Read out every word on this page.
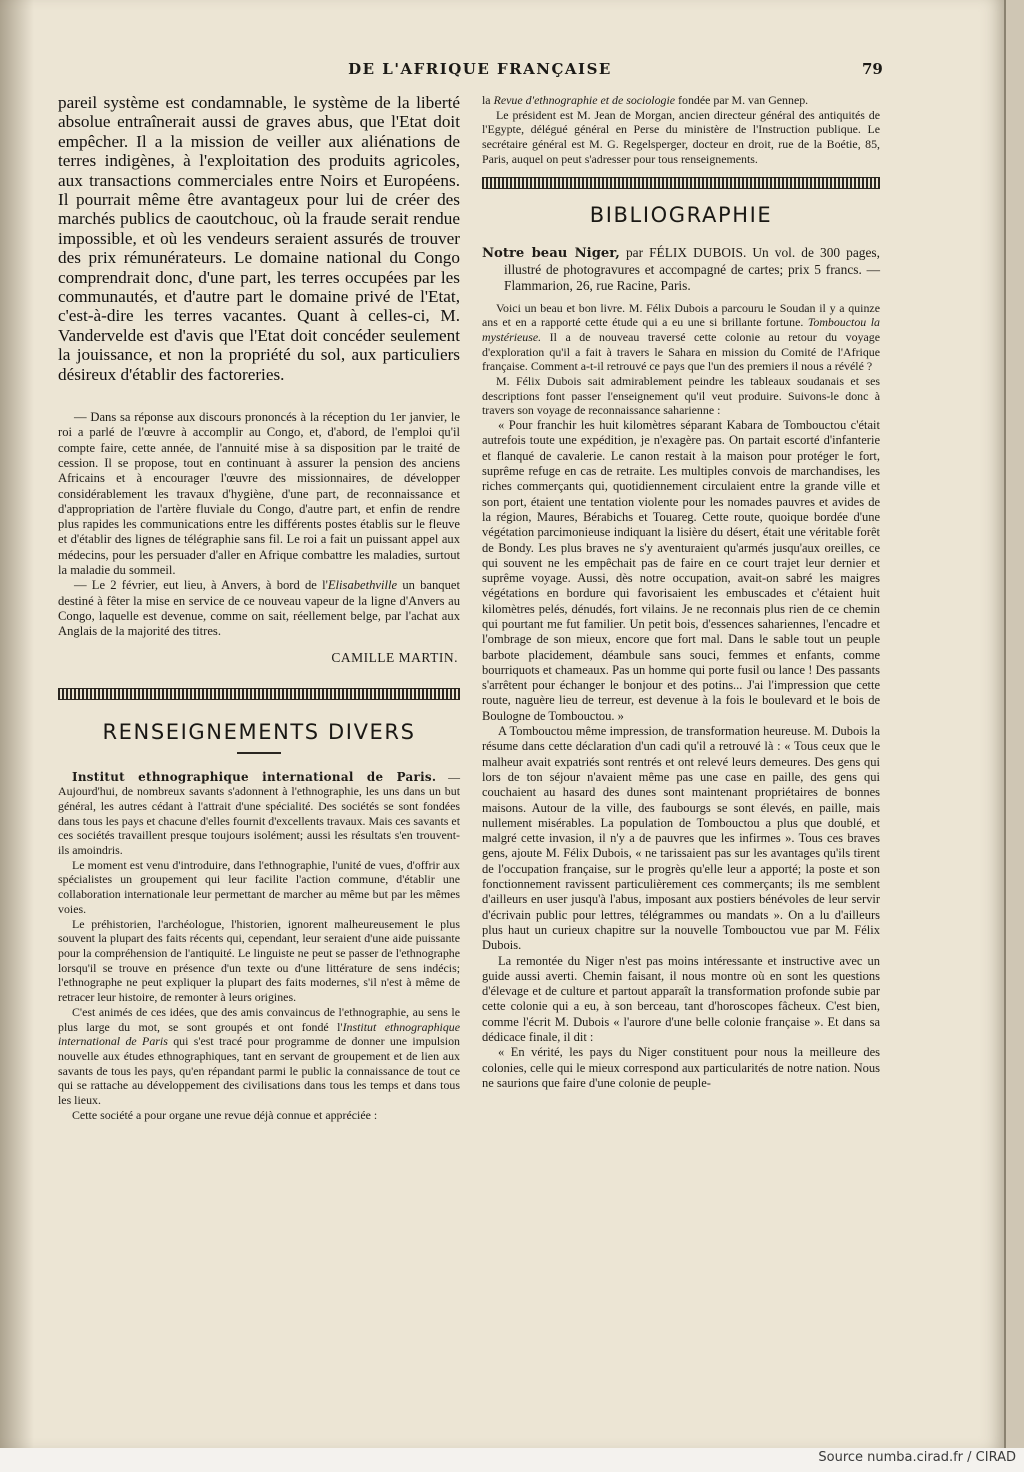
DE L'AFRIQUE FRANÇAISE	79

pareil système est condamnable, le système de la liberté absolue entraînerait aussi de graves abus, que l'Etat doit empêcher. Il a la mission de veiller aux aliénations de terres indigènes, à l'exploitation des produits agricoles, aux transactions commerciales entre Noirs et Européens. Il pourrait même être avantageux pour lui de créer des marchés publics de caoutchouc, où la fraude serait rendue impossible, et où les vendeurs seraient assurés de trouver des prix rémunérateurs. Le domaine national du Congo comprendrait donc, d'une part, les terres occupées par les communautés, et d'autre part le domaine privé de l'Etat, c'est-à-dire les terres vacantes. Quant à celles-ci, M. Vandervelde est d'avis que l'Etat doit concéder seulement la jouissance, et non la propriété du sol, aux particuliers désireux d'établir des factoreries.

— Dans sa réponse aux discours prononcés à la réception du 1er janvier, le roi a parlé de l'œuvre à accomplir au Congo, et, d'abord, de l'emploi qu'il compte faire, cette année, de l'annuité mise à sa disposition par le traité de cession. Il se propose, tout en continuant à assurer la pension des anciens Africains et à encourager l'œuvre des missionnaires, de développer considérablement les travaux d'hygiène, d'une part, de reconnaissance et d'appropriation de l'artère fluviale du Congo, d'autre part, et enfin de rendre plus rapides les communications entre les différents postes établis sur le fleuve et d'établir des lignes de télégraphie sans fil. Le roi a fait un puissant appel aux médecins, pour les persuader d'aller en Afrique combattre les maladies, surtout la maladie du sommeil.

— Le 2 février, eut lieu, à Anvers, à bord de l'Elisabethville un banquet destiné à fêter la mise en service de ce nouveau vapeur de la ligne d'Anvers au Congo, laquelle est devenue, comme on sait, réellement belge, par l'achat aux Anglais de la majorité des titres.

CAMILLE MARTIN.
RENSEIGNEMENTS DIVERS

Institut ethnographique international de Paris. — Aujourd'hui, de nombreux savants s'adonnent à l'ethnographie, les uns dans un but général, les autres cédant à l'attrait d'une spécialité. Des sociétés se sont fondées dans tous les pays et chacune d'elles fournit d'excellents travaux. Mais ces savants et ces sociétés travaillent presque toujours isolément; aussi les résultats s'en trouvent-ils amoindris.

Le moment est venu d'introduire, dans l'ethnographie, l'unité de vues, d'offrir aux spécialistes un groupement qui leur facilite l'action commune, d'établir une collaboration internationale leur permettant de marcher au même but par les mêmes voies.

Le préhistorien, l'archéologue, l'historien, ignorent malheureusement le plus souvent la plupart des faits récents qui, cependant, leur seraient d'une aide puissante pour la compréhension de l'antiquité. Le linguiste ne peut se passer de l'ethnographe lorsqu'il se trouve en présence d'un texte ou d'une littérature de sens indécis; l'ethnographe ne peut expliquer la plupart des faits modernes, s'il n'est à même de retracer leur histoire, de remonter à leurs origines.

C'est animés de ces idées, que des amis convaincus de l'ethnographie, au sens le plus large du mot, se sont groupés et ont fondé l'Institut ethnographique international de Paris qui s'est tracé pour programme de donner une impulsion nouvelle aux études ethnographiques, tant en servant de groupement et de lien aux savants de tous les pays, qu'en répandant parmi le public la connaissance de tout ce qui se rattache au développement des civilisations dans tous les temps et dans tous les lieux.

Cette société a pour organe une revue déjà connue et appréciée :

la Revue d'ethnographie et de sociologie fondée par M. van Gennep.

Le président est M. Jean de Morgan, ancien directeur général des antiquités de l'Egypte, délégué général en Perse du ministère de l'Instruction publique. Le secrétaire général est M. G. Regelsperger, docteur en droit, rue de la Boétie, 85, Paris, auquel on peut s'adresser pour tous renseignements.

BIBLIOGRAPHIE

Notre beau Niger, par FÉLIX DUBOIS. Un vol. de 300 pages, illustré de photogravures et accompagné de cartes; prix 5 francs. — Flammarion, 26, rue Racine, Paris.

Voici un beau et bon livre. M. Félix Dubois a parcouru le Soudan il y a quinze ans et en a rapporté cette étude qui a eu une si brillante fortune. Tombouctou la mystérieuse. Il a de nouveau traversé cette colonie au retour du voyage d'exploration qu'il a fait à travers le Sahara en mission du Comité de l'Afrique française. Comment a-t-il retrouvé ce pays que l'un des premiers il nous a révélé ?

M. Félix Dubois sait admirablement peindre les tableaux soudanais et ses descriptions font passer l'enseignement qu'il veut produire. Suivons-le donc à travers son voyage de reconnaissance saharienne :

« Pour franchir les huit kilomètres séparant Kabara de Tombouctou c'était autrefois toute une expédition, je n'exagère pas. On partait escorté d'infanterie et flanqué de cavalerie. Le canon restait à la maison pour protéger le fort, suprême refuge en cas de retraite. Les multiples convois de marchandises, les riches commerçants qui, quotidiennement circulaient entre la grande ville et son port, étaient une tentation violente pour les nomades pauvres et avides de la région, Maures, Bérabichs et Touareg. Cette route, quoique bordée d'une végétation parcimonieuse indiquant la lisière du désert, était une véritable forêt de Bondy. Les plus braves ne s'y aventuraient qu'armés jusqu'aux oreilles, ce qui souvent ne les empêchait pas de faire en ce court trajet leur dernier et suprême voyage. Aussi, dès notre occupation, avait-on sabré les maigres végétations en bordure qui favorisaient les embuscades et c'étaient huit kilomètres pelés, dénudés, fort vilains. Je ne reconnais plus rien de ce chemin qui pourtant me fut familier. Un petit bois, d'essences sahariennes, l'encadre et l'ombrage de son mieux, encore que fort mal. Dans le sable tout un peuple barbote placidement, déambule sans souci, femmes et enfants, comme bourriquots et chameaux. Pas un homme qui porte fusil ou lance ! Des passants s'arrêtent pour échanger le bonjour et des potins... J'ai l'impression que cette route, naguère lieu de terreur, est devenue à la fois le boulevard et le bois de Boulogne de Tombouctou. »

A Tombouctou même impression, de transformation heureuse. M. Dubois la résume dans cette déclaration d'un cadi qu'il a retrouvé là : « Tous ceux que le malheur avait expatriés sont rentrés et ont relevé leurs demeures. Des gens qui lors de ton séjour n'avaient même pas une case en paille, des gens qui couchaient au hasard des dunes sont maintenant propriétaires de bonnes maisons. Autour de la ville, des faubourgs se sont élevés, en paille, mais nullement misérables. La population de Tombouctou a plus que doublé, et malgré cette invasion, il n'y a de pauvres que les infirmes ». Tous ces braves gens, ajoute M. Félix Dubois, « ne tarissaient pas sur les avantages qu'ils tirent de l'occupation française, sur le progrès qu'elle leur a apporté; la poste et son fonctionnement ravissent particulièrement ces commerçants; ils me semblent d'ailleurs en user jusqu'à l'abus, imposant aux postiers bénévoles de leur servir d'écrivain public pour lettres, télégrammes ou mandats ». On a lu d'ailleurs plus haut un curieux chapitre sur la nouvelle Tombouctou vue par M. Félix Dubois.

La remontée du Niger n'est pas moins intéressante et instructive avec un guide aussi averti. Chemin faisant, il nous montre où en sont les questions d'élevage et de culture et partout apparaît la transformation profonde subie par cette colonie qui a eu, à son berceau, tant d'horoscopes fâcheux. C'est bien, comme l'écrit M. Dubois « l'aurore d'une belle colonie française ». Et dans sa dédicace finale, il dit :

« En vérité, les pays du Niger constituent pour nous la meilleure des colonies, celle qui le mieux correspond aux particularités de notre nation. Nous ne saurions que faire d'une colonie de peuple-

Source numba.cirad.fr / CIRAD
